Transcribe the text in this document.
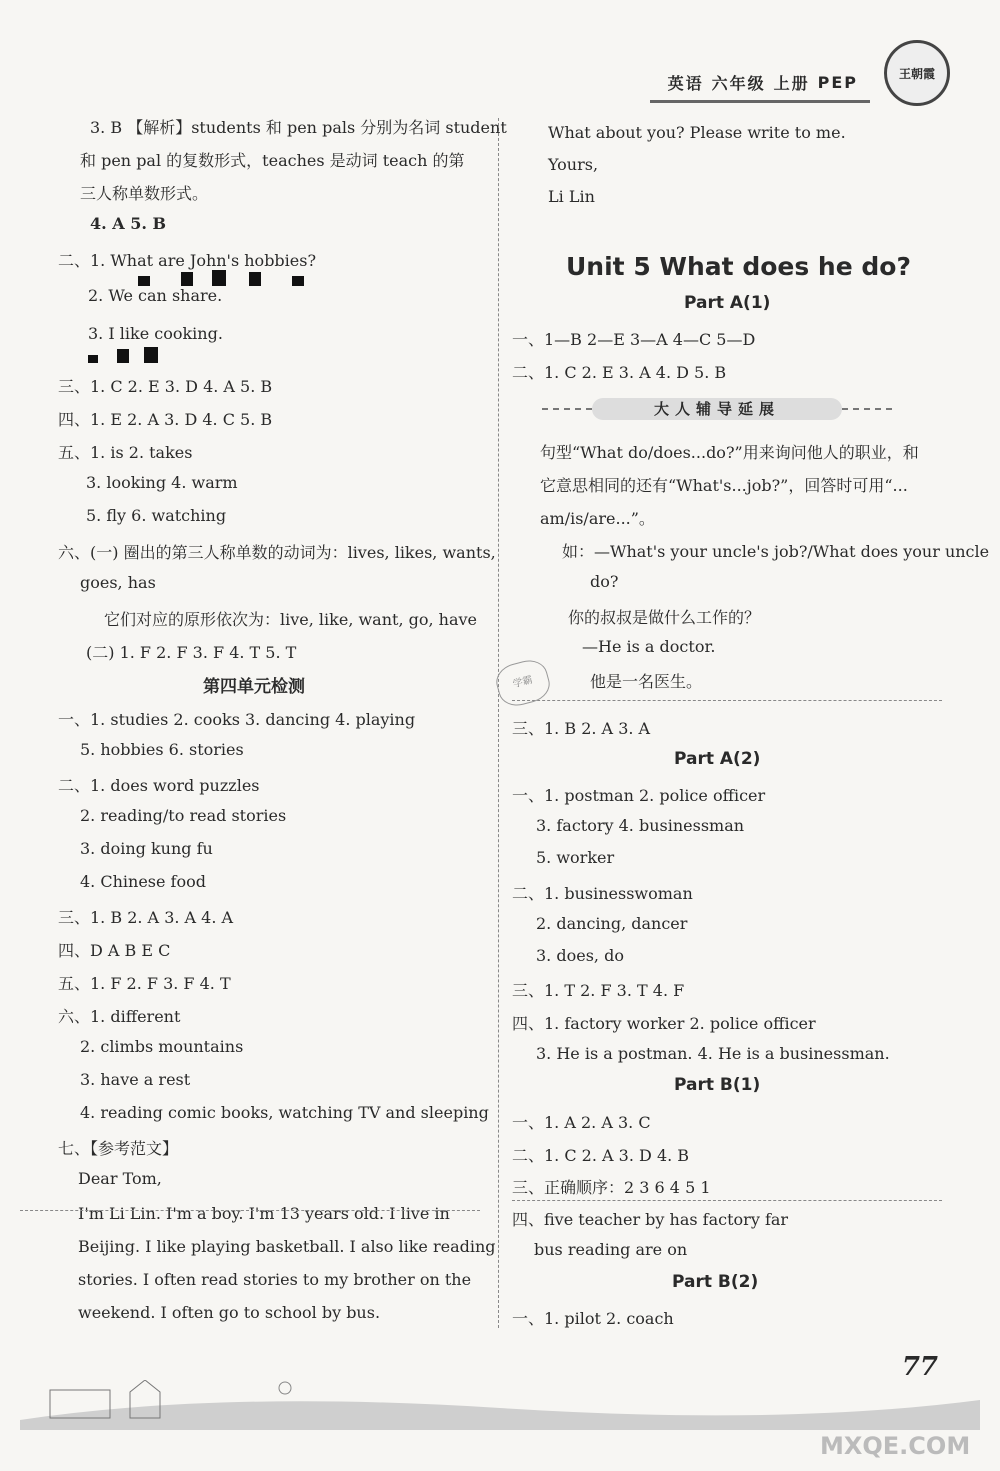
英语 六年级 上册 PEP	王朝霞
3. B 【解析】students 和 pen pals 分别为名词 student
和 pen pal 的复数形式，teaches 是动词 teach 的第
三人称单数形式。
4. A 5. B
二、1. What are John's hobbies?

2. We can share.
3. I like cooking.

三、1. C 2. E 3. D 4. A 5. B
四、1. E 2. A 3. D 4. C 5. B
五、1. is 2. takes
3. looking 4. warm
5. fly 6. watching
六、(一) 圈出的第三人称单数的动词为：lives, likes, wants,
goes, has
它们对应的原形依次为：live, like, want, go, have
(二) 1. F 2. F 3. F 4. T 5. T
第四单元检测
一、1. studies 2. cooks 3. dancing 4. playing
5. hobbies 6. stories
二、1. does word puzzles
2. reading/to read stories
3. doing kung fu
4. Chinese food
三、1. B 2. A 3. A 4. A
四、D A B E C
五、1. F 2. F 3. F 4. T
六、1. different
2. climbs mountains
3. have a rest
4. reading comic books, watching TV and sleeping
七、【参考范文】
Dear Tom,
I'm Li Lin. I'm a boy. I'm 13 years old. I live in
Beijing. I like playing basketball. I also like reading
stories. I often read stories to my brother on the
weekend. I often go to school by bus.
What about you? Please write to me.
Yours,
Li Lin
Unit 5 What does he do?
Part A(1)
一、1—B 2—E 3—A 4—C 5—D
二、1. C 2. E 3. A 4. D 5. B
句型“What do/does...do?”用来询问他人的职业，和
它意思相同的还有“What's...job?”，回答时可用“...
am/is/are...”。
如：—What's your uncle's job?/What does your uncle
do?
你的叔叔是做什么工作的？
—He is a doctor.
他是一名医生。
三、1. B 2. A 3. A
Part A(2)
一、1. postman 2. police officer
3. factory 4. businessman
5. worker
二、1. businesswoman
2. dancing, dancer
3. does, do
三、1. T 2. F 3. T 4. F
四、1. factory worker 2. police officer
3. He is a postman. 4. He is a businessman.
Part B(1)
一、1. A 2. A 3. C
二、1. C 2. A 3. D 4. B
三、正确顺序：2 3 6 4 5 1
四、five teacher by has factory far
bus reading are on
Part B(2)
一、1. pilot 2. coach
大人辅导延展
学霸
77
MXQE.COM
